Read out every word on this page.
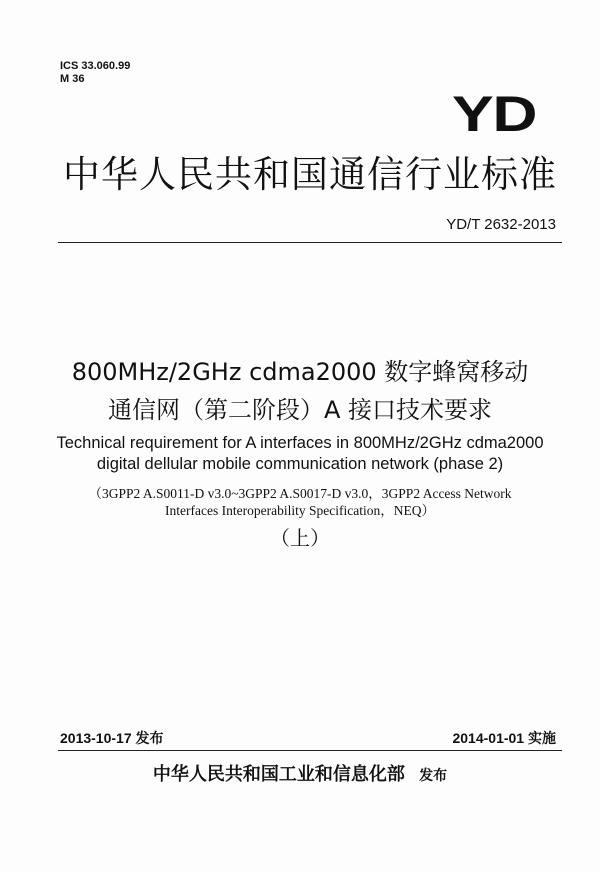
ICS 33.060.99
M 36
YD
中华人民共和国通信行业标准
YD/T 2632-2013
800MHz/2GHz cdma2000 数字蜂窝移动
通信网（第二阶段）A 接口技术要求
Technical requirement for A interfaces in 800MHz/2GHz cdma2000
digital dellular mobile communication network (phase 2)
（3GPP2 A.S0011-D v3.0~3GPP2 A.S0017-D v3.0，3GPP2 Access Network
Interfaces Interoperability Specification，NEQ）
（上）
2013-10-17 发布	2014-01-01 实施
中华人民共和国工业和信息化部 发布
